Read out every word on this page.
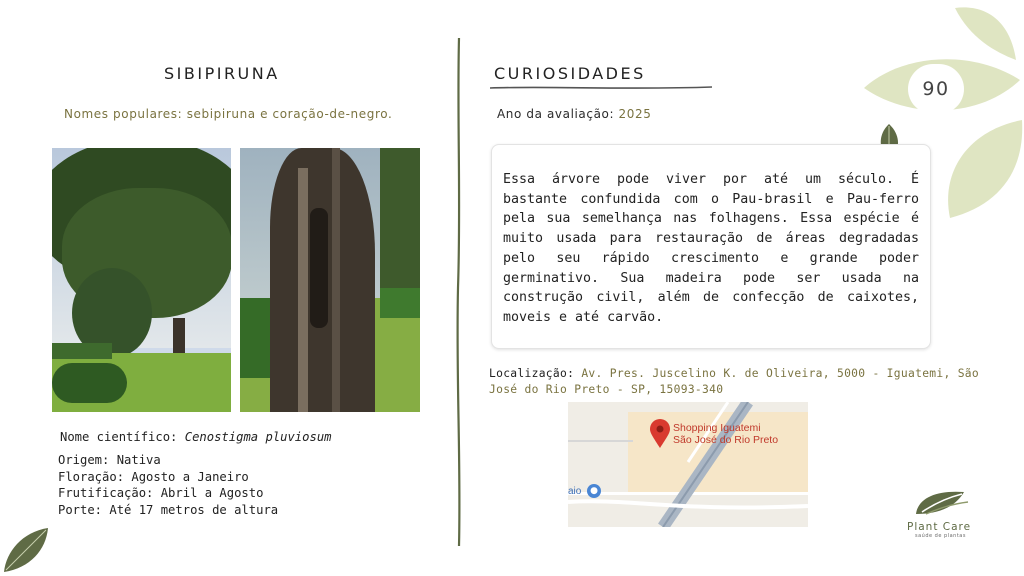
90
SIBIPIRUNA
Nomes populares: sebipiruna e coração-de-negro.
Nome científico: Cenostigma pluviosum
Origem: Nativa
Floração: Agosto a Janeiro
Frutificação: Abril a Agosto
Porte: Até 17 metros de altura
CURIOSIDADES
Ano da avaliação: 2025
Essa árvore pode viver por até um século. É bastante confundida com o Pau-brasil e Pau-ferro pela sua semelhança nas folhagens. Essa espécie é muito usada para restauração de áreas degradadas pelo seu rápido crescimento e grande poder germinativo. Sua madeira pode ser usada na construção civil, além de confecção de caixotes, moveis e até carvão.
Localização: Av. Pres. Juscelino K. de Oliveira, 5000 - Iguatemi, São José do Rio Preto - SP, 15093-340
Shopping Iguatemi
São José do Rio Preto
aio ●
Plant Care
saúde de plantas
